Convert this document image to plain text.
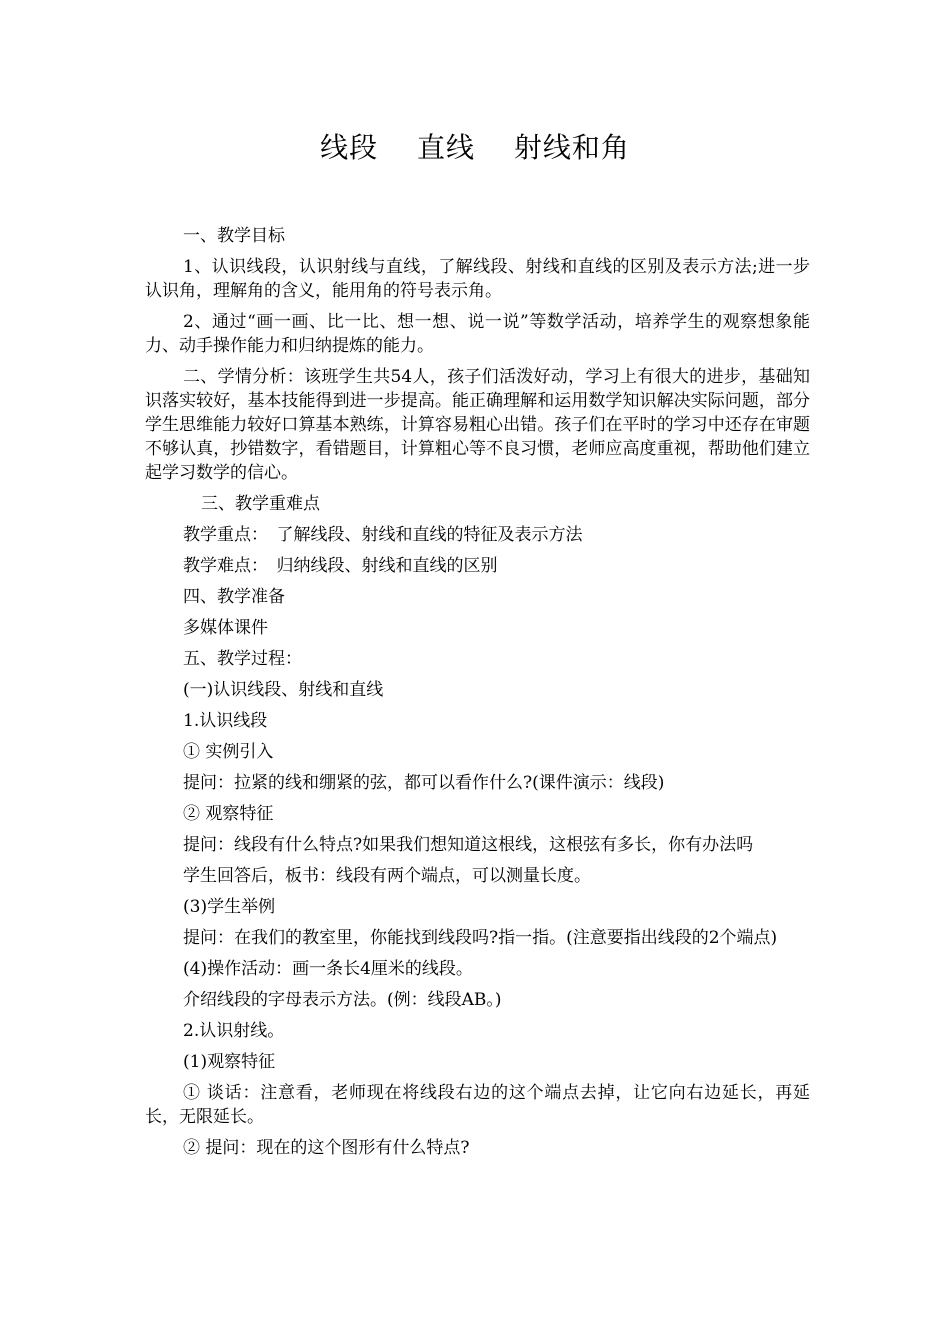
线段　 直线　 射线和角

一、教学目标

1、认识线段，认识射线与直线，了解线段、射线和直线的区别及表示方法;进一步认识角，理解角的含义，能用角的符号表示角。

2、通过“画一画、比一比、想一想、说一说”等数学活动，培养学生的观察想象能力、动手操作能力和归纳提炼的能力。

二、学情分析：该班学生共54人，孩子们活泼好动，学习上有很大的进步，基础知识落实较好，基本技能得到进一步提高。能正确理解和运用数学知识解决实际问题，部分学生思维能力较好口算基本熟练，计算容易粗心出错。孩子们在平时的学习中还存在审题不够认真，抄错数字，看错题目，计算粗心等不良习惯，老师应高度重视，帮助他们建立起学习数学的信心。

三、教学重难点

教学重点：　了解线段、射线和直线的特征及表示方法

教学难点：　归纳线段、射线和直线的区别

四、教学准备

多媒体课件

五、教学过程：

(一)认识线段、射线和直线

1.认识线段

① 实例引入

提问：拉紧的线和绷紧的弦，都可以看作什么?(课件演示：线段)

② 观察特征

提问：线段有什么特点?如果我们想知道这根线，这根弦有多长，你有办法吗

学生回答后，板书：线段有两个端点，可以测量长度。

(3)学生举例

提问：在我们的教室里，你能找到线段吗?指一指。(注意要指出线段的2个端点)

(4)操作活动：画一条长4厘米的线段。

介绍线段的字母表示方法。(例：线段AB。)

2.认识射线。

(1)观察特征

① 谈话：注意看，老师现在将线段右边的这个端点去掉，让它向右边延长，再延长，无限延长。

② 提问：现在的这个图形有什么特点?
